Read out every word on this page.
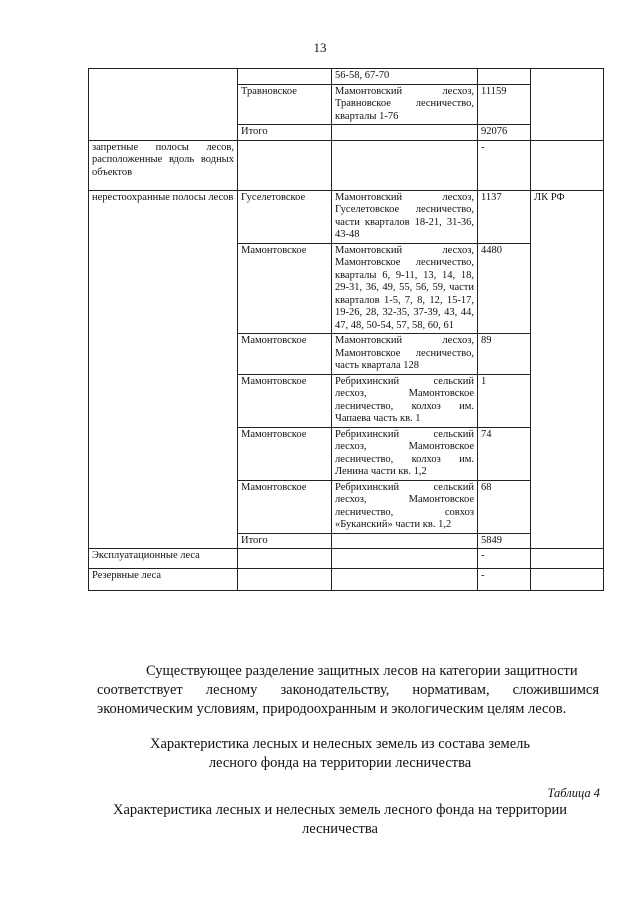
13
		56-58, 67-70		
	Травновское	Мамонтовский лесхоз, Травновское лесничество, кварталы 1-76	11159	
	Итого		92076	
запретные полосы лесов, расположенные вдоль водных объектов			-	
нерестоохранные полосы лесов	Гуселетовское	Мамонтовский лесхоз, Гуселетовское лесничество, части кварталов 18-21, 31-36, 43-48	1137	ЛК РФ
	Мамонтовское	Мамонтовский лесхоз, Мамонтовское лесничество, кварталы 6, 9-11, 13, 14, 18, 29-31, 36, 49, 55, 56, 59, части кварталов 1-5, 7, 8, 12, 15-17, 19-26, 28, 32-35, 37-39, 43, 44, 47, 48, 50-54, 57, 58, 60, 61	4480	
	Мамонтовское	Мамонтовский лесхоз, Мамонтовское лесничество, часть квартала 128	89	
	Мамонтовское	Ребрихинский сельский лесхоз, Мамонтовское лесничество, колхоз им. Чапаева часть кв. 1	1	
	Мамонтовское	Ребрихинский сельский лесхоз, Мамонтовское лесничество, колхоз им. Ленина части кв. 1,2	74	
	Мамонтовское	Ребрихинский сельский лесхоз, Мамонтовское лесничество, совхоз «Буканский» части кв. 1,2	68	
	Итого		5849	
Эксплуатационные леса			-	
Резервные леса			-	
Существующее разделение защитных лесов на категории защитности
соответствует лесному законодательству, нормативам, сложившимся экономическим условиям, природоохранным и экологическим целям лесов.
Характеристика лесных и нелесных земель из состава земель
лесного фонда на территории лесничества
Таблица 4
Характеристика лесных и нелесных земель лесного фонда на территории
лесничества
